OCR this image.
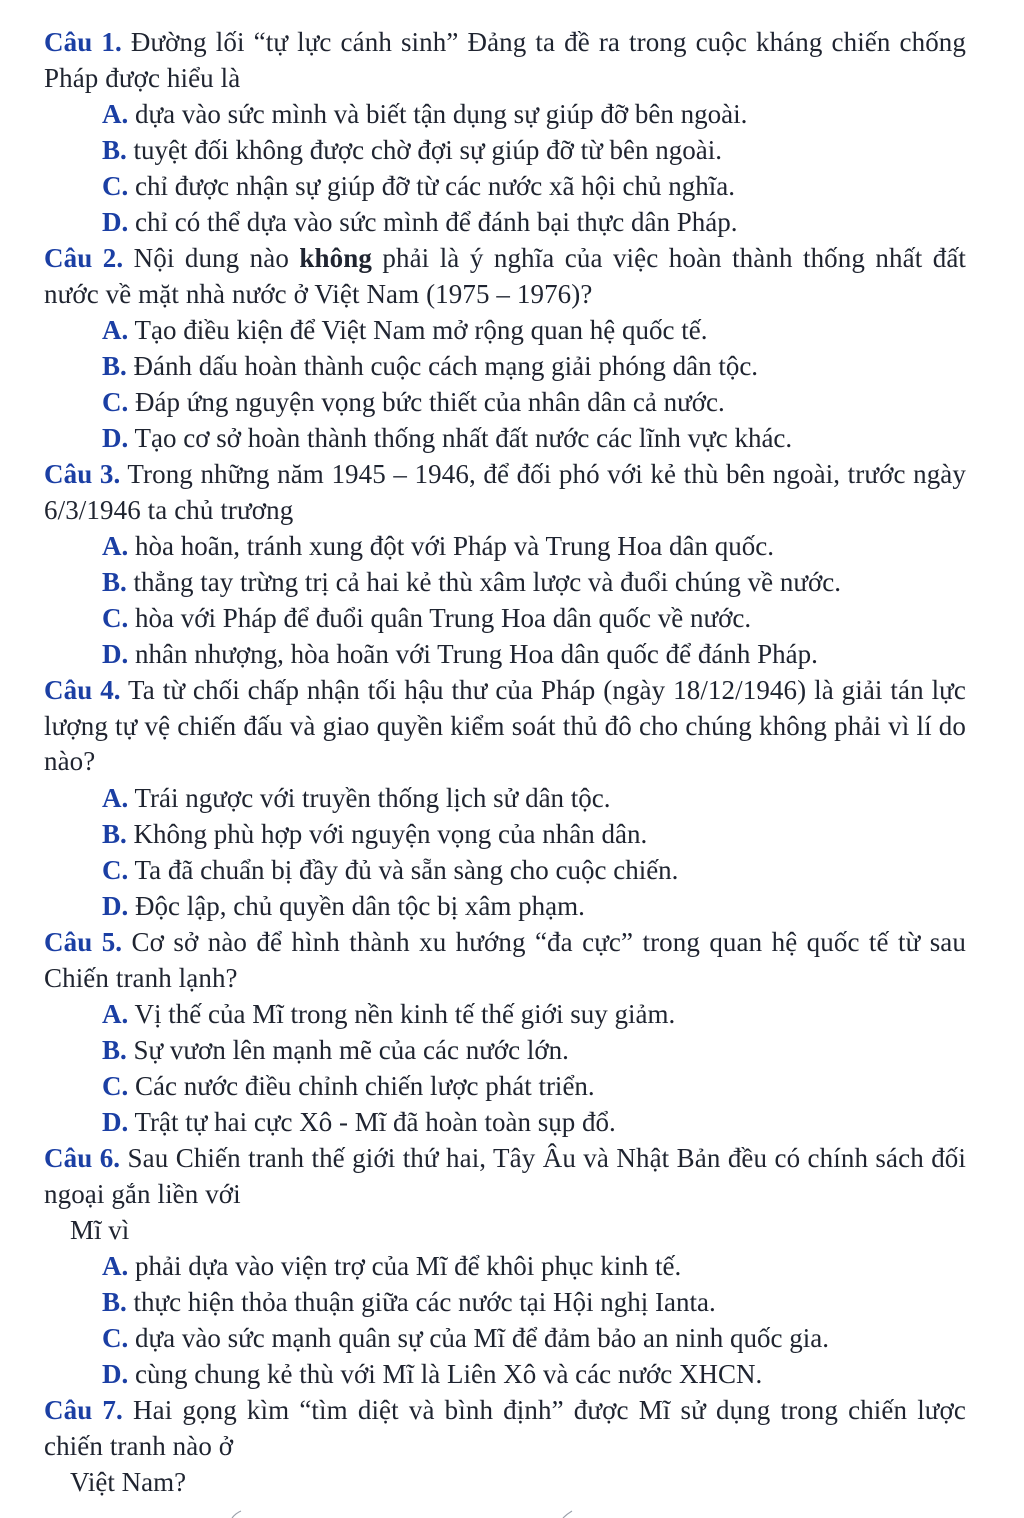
Câu 1. Đường lối “tự lực cánh sinh” Đảng ta đề ra trong cuộc kháng chiến chống Pháp được hiểu là
A. dựa vào sức mình và biết tận dụng sự giúp đỡ bên ngoài.
B. tuyệt đối không được chờ đợi sự giúp đỡ từ bên ngoài.
C. chỉ được nhận sự giúp đỡ từ các nước xã hội chủ nghĩa.
D. chỉ có thể dựa vào sức mình để đánh bại thực dân Pháp.
Câu 2. Nội dung nào không phải là ý nghĩa của việc hoàn thành thống nhất đất nước về mặt nhà nước ở Việt Nam (1975 – 1976)?
A. Tạo điều kiện để Việt Nam mở rộng quan hệ quốc tế.
B. Đánh dấu hoàn thành cuộc cách mạng giải phóng dân tộc.
C. Đáp ứng nguyện vọng bức thiết của nhân dân cả nước.
D. Tạo cơ sở hoàn thành thống nhất đất nước các lĩnh vực khác.
Câu 3. Trong những năm 1945 – 1946, để đối phó với kẻ thù bên ngoài, trước ngày 6/3/1946 ta chủ trương
A. hòa hoãn, tránh xung đột với Pháp và Trung Hoa dân quốc.
B. thẳng tay trừng trị cả hai kẻ thù xâm lược và đuổi chúng về nước.
C. hòa với Pháp để đuổi quân Trung Hoa dân quốc về nước.
D. nhân nhượng, hòa hoãn với Trung Hoa dân quốc để đánh Pháp.
Câu 4. Ta từ chối chấp nhận tối hậu thư của Pháp (ngày 18/12/1946) là giải tán lực lượng tự vệ chiến đấu và giao quyền kiểm soát thủ đô cho chúng không phải vì lí do nào?
A. Trái ngược với truyền thống lịch sử dân tộc.
B. Không phù hợp với nguyện vọng của nhân dân.
C. Ta đã chuẩn bị đầy đủ và sẵn sàng cho cuộc chiến.
D. Độc lập, chủ quyền dân tộc bị xâm phạm.
Câu 5. Cơ sở nào để hình thành xu hướng “đa cực” trong quan hệ quốc tế từ sau Chiến tranh lạnh?
A. Vị thế của Mĩ trong nền kinh tế thế giới suy giảm.
B. Sự vươn lên mạnh mẽ của các nước lớn.
C. Các nước điều chỉnh chiến lược phát triển.
D. Trật tự hai cực Xô - Mĩ đã hoàn toàn sụp đổ.
Câu 6. Sau Chiến tranh thế giới thứ hai, Tây Âu và Nhật Bản đều có chính sách đối ngoại gắn liền với
Mĩ vì
A. phải dựa vào viện trợ của Mĩ để khôi phục kinh tế.
B. thực hiện thỏa thuận giữa các nước tại Hội nghị Ianta.
C. dựa vào sức mạnh quân sự của Mĩ để đảm bảo an ninh quốc gia.
D. cùng chung kẻ thù với Mĩ là Liên Xô và các nước XHCN.
Câu 7. Hai gọng kìm “tìm diệt và bình định” được Mĩ sử dụng trong chiến lược chiến tranh nào ở
Việt Nam?
